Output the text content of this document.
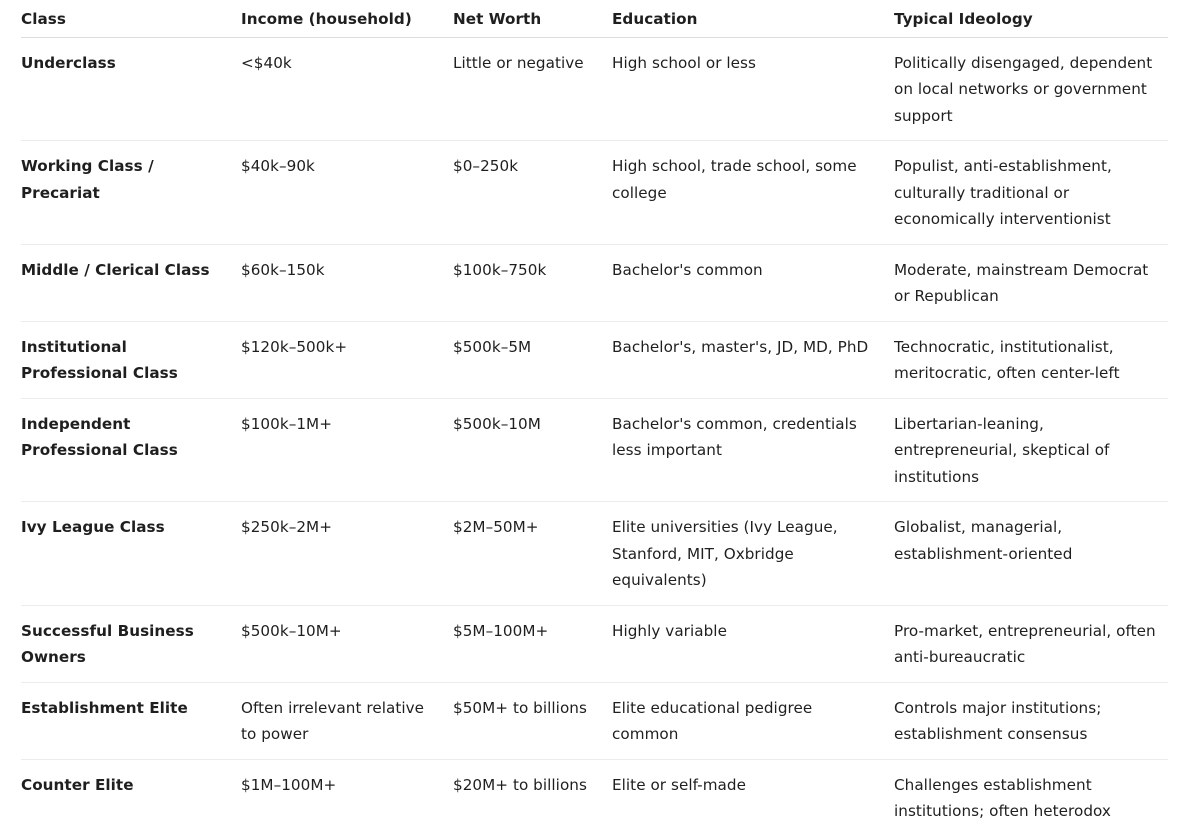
Class	Income (household)	Net Worth	Education	Typical Ideology
Underclass	<$40k	Little or negative	High school or less	Politically disengaged, dependent on local networks or government support
Working Class / Precariat	$40k–90k	$0–250k	High school, trade school, some college	Populist, anti-establishment, culturally traditional or economically interventionist
Middle / Clerical Class	$60k–150k	$100k–750k	Bachelor's common	Moderate, mainstream Democrat or Republican
Institutional Professional Class	$120k–500k+	$500k–5M	Bachelor's, master's, JD, MD, PhD	Technocratic, institutionalist, meritocratic, often center-left
Independent Professional Class	$100k–1M+	$500k–10M	Bachelor's common, credentials less important	Libertarian-leaning, entrepreneurial, skeptical of institutions
Ivy League Class	$250k–2M+	$2M–50M+	Elite universities (Ivy League, Stanford, MIT, Oxbridge equivalents)	Globalist, managerial, establishment-oriented
Successful Business Owners	$500k–10M+	$5M–100M+	Highly variable	Pro-market, entrepreneurial, often anti-bureaucratic
Establishment Elite	Often irrelevant relative to power	$50M+ to billions	Elite educational pedigree common	Controls major institutions; establishment consensus
Counter Elite	$1M–100M+	$20M+ to billions	Elite or self-made	Challenges establishment institutions; often heterodox
